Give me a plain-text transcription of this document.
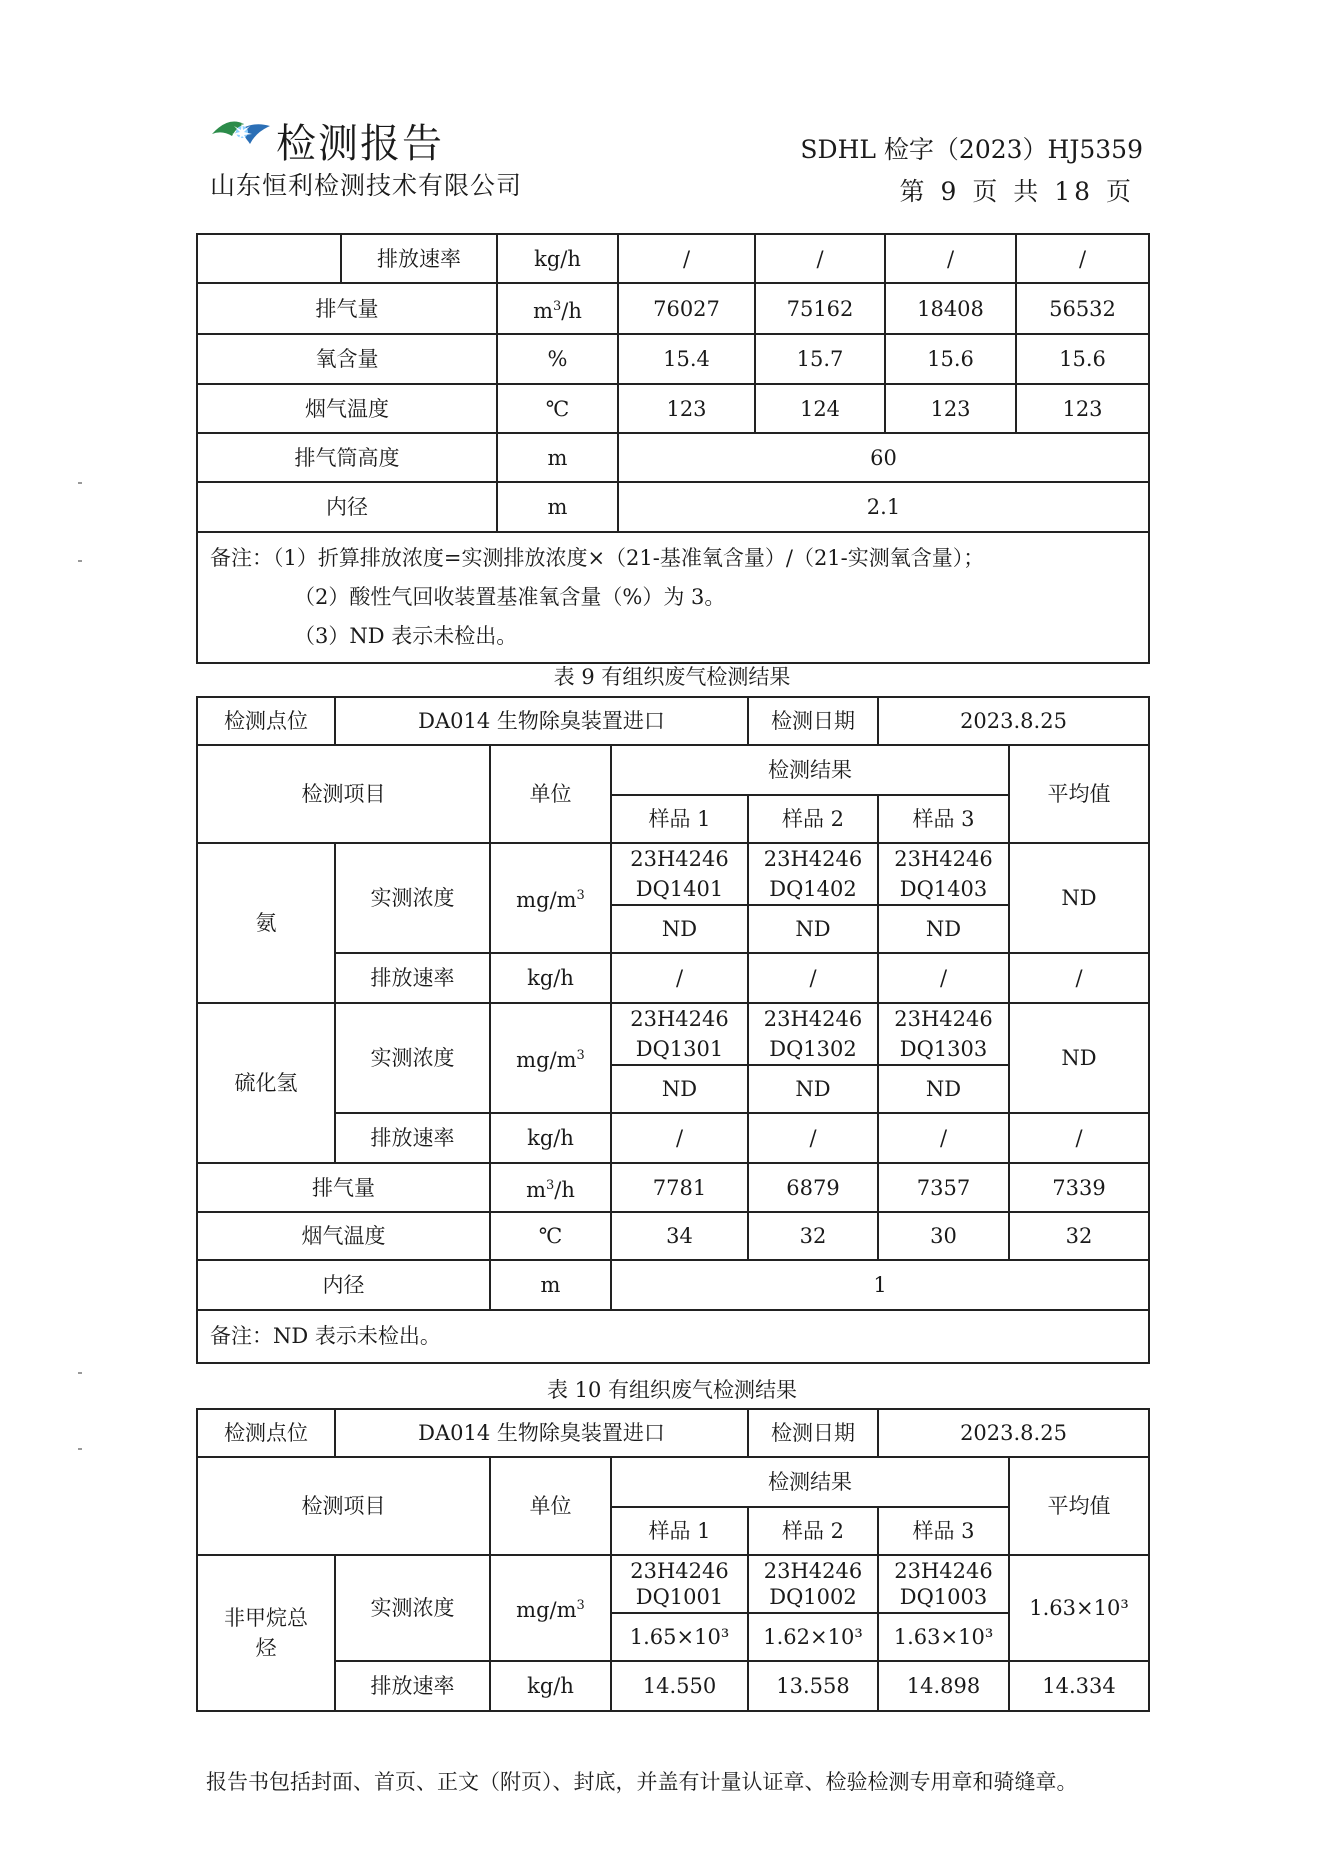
检测报告
山东恒利检测技术有限公司
SDHL 检字（2023）HJ5359
第 9 页 共 18 页
	排放速率	kg/h	/	/	/	/
排气量		$m^3/h$	76027	75162	18408	56532
氧含量		%	15.4	15.7	15.6	15.6
烟气温度		℃	123	124	123	123
排气筒高度		m	60			
内径		m	2.1			

备注：（1）折算排放浓度=实测排放浓度×（21-基准氧含量）/（21-实测氧含量）；
（2）酸性气回收装置基准氧含量（%）为 3。
（3）ND 表示未检出。						
表 9 有组织废气检测结果
检测点位	DA014 生物除臭装置进口			检测日期	2023.8.25	
检测项目		单位	检测结果			平均值
			样品 1	样品 2	样品 3	
氨	实测浓度	$mg/m^3$	23H4246 DQ1401	23H4246 DQ1402	23H4246 DQ1403	ND
			ND	ND	ND	
	排放速率	kg/h	/	/	/	/
硫化氢	实测浓度	$mg/m^3$	23H4246 DQ1301	23H4246 DQ1302	23H4246 DQ1303	ND
			ND	ND	ND	
	排放速率	kg/h	/	/	/	/
排气量		$m^3/h$	7781	6879	7357	7339
烟气温度		℃	34	32	30	32
内径		m	1			
备注：ND 表示未检出。						
表 10 有组织废气检测结果
检测点位	DA014 生物除臭装置进口			检测日期	2023.8.25	
检测项目		单位	检测结果			平均值
			样品 1	样品 2	样品 3	
非甲烷总烃	实测浓度	$mg/m^3$	23H4246 DQ1001	23H4246 DQ1002	23H4246 DQ1003	1.63×10³
			1.65×10³	1.62×10³	1.63×10³	
	排放速率	kg/h	14.550	13.558	14.898	14.334
报告书包括封面、首页、正文（附页）、封底，并盖有计量认证章、检验检测专用章和骑缝章。
